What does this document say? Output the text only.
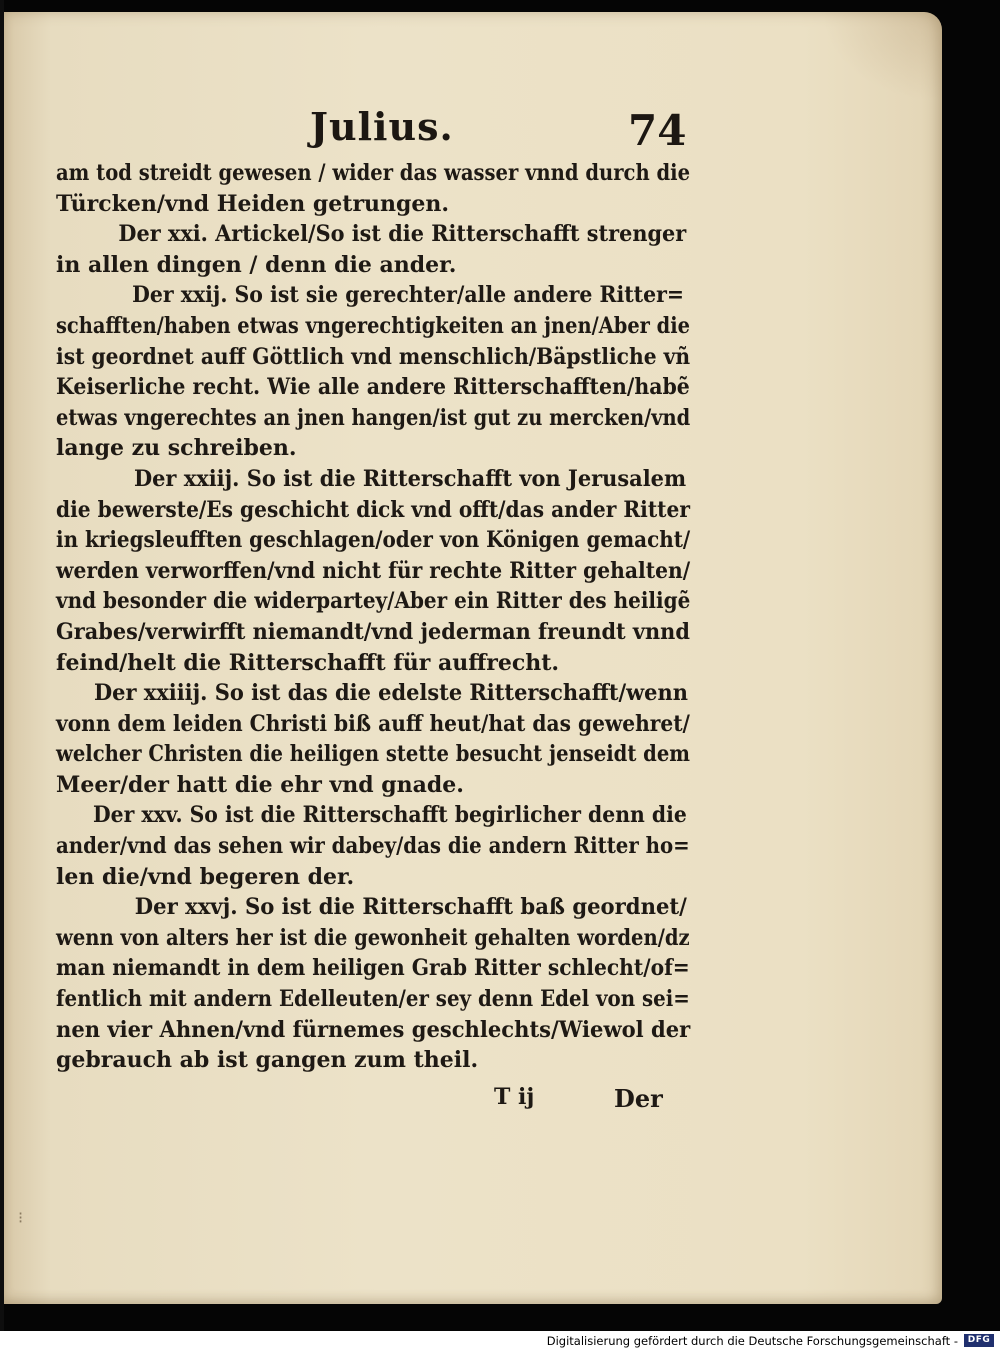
Julius.	74
am tod streidt gewesen / wider das wasser vnnd durch die
Türcken/vnd Heiden getrungen.
Der xxi. Artickel/So ist die Ritterschafft strenger
in allen dingen / denn die ander.
Der xxij. So ist sie gerechter/alle andere Ritter=
schafften/haben etwas vngerechtigkeiten an jnen/Aber die
ist geordnet auff Göttlich vnd menschlich/Bäpstliche vñ
Keiserliche recht. Wie alle andere Ritterschafften/habẽ
etwas vngerechtes an jnen hangen/ist gut zu mercken/vnd
lange zu schreiben.
Der xxiij. So ist die Ritterschafft von Jerusalem
die bewerste/Es geschicht dick vnd offt/das ander Ritter
in kriegsleufften geschlagen/oder von Königen gemacht/
werden verworffen/vnd nicht für rechte Ritter gehalten/
vnd besonder die widerpartey/Aber ein Ritter des heiligẽ
Grabes/verwirfft niemandt/vnd jederman freundt vnnd
feind/helt die Ritterschafft für auffrecht.
Der xxiiij. So ist das die edelste Ritterschafft/wenn
vonn dem leiden Christi biß auff heut/hat das gewehret/
welcher Christen die heiligen stette besucht jenseidt dem
Meer/der hatt die ehr vnd gnade.
Der xxv. So ist die Ritterschafft begirlicher denn die
ander/vnd das sehen wir dabey/das die andern Ritter ho=
len die/vnd begeren der.
Der xxvj. So ist die Ritterschafft baß geordnet/
wenn von alters her ist die gewonheit gehalten worden/dz
man niemandt in dem heiligen Grab Ritter schlecht/of=
fentlich mit andern Edelleuten/er sey denn Edel von sei=
nen vier Ahnen/vnd fürnemes geschlechts/Wiewol der
gebrauch ab ist gangen zum theil.
T ij	Der
⁝
Digitalisierung gefördert durch die Deutsche Forschungsgemeinschaft -	DFG
